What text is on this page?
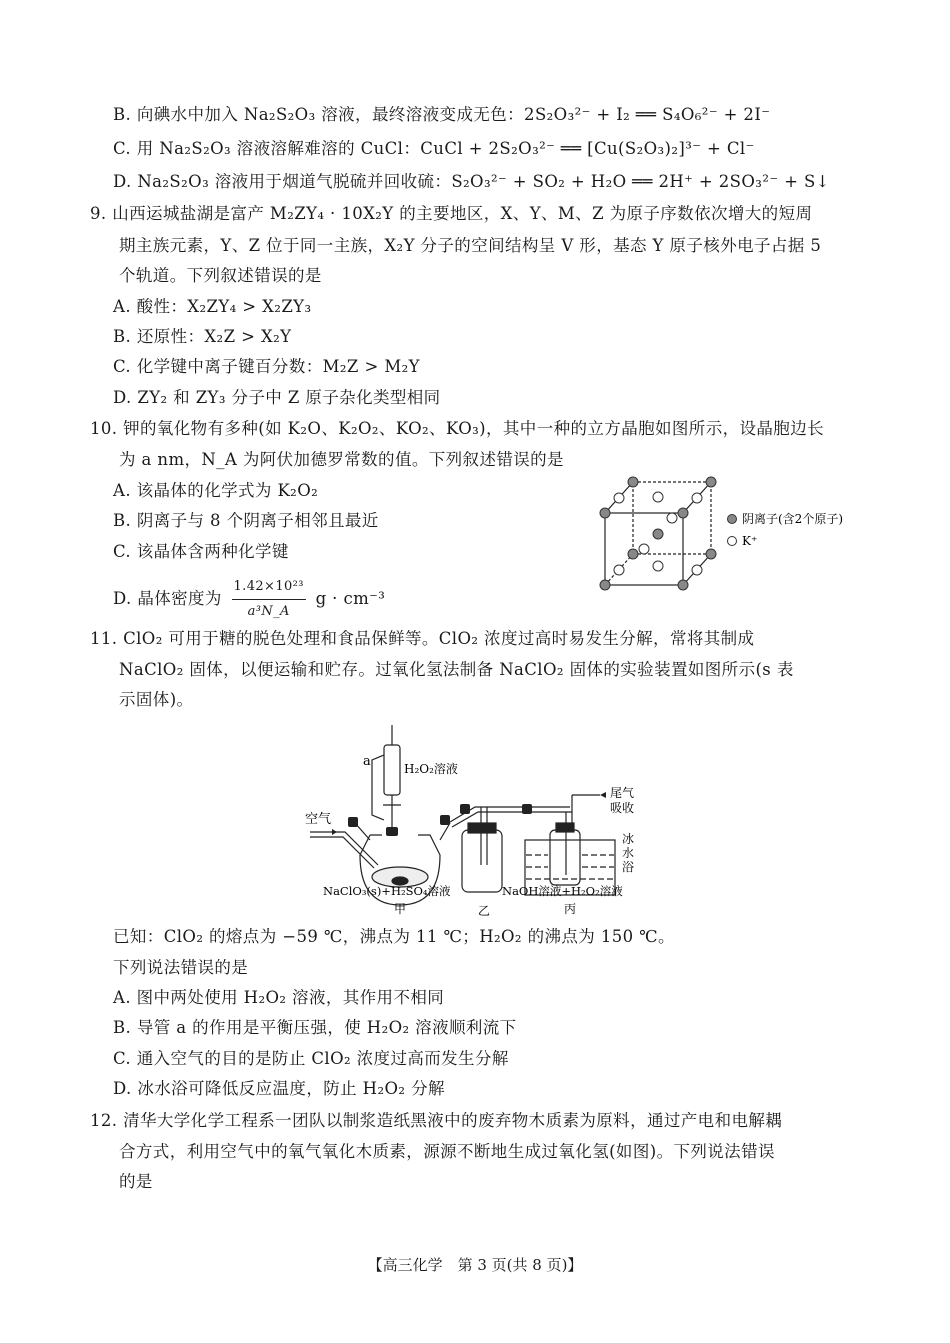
B. 向碘水中加入 Na₂S₂O₃ 溶液，最终溶液变成无色：2S₂O₃²⁻ + I₂ ══ S₄O₆²⁻ + 2I⁻
C. 用 Na₂S₂O₃ 溶液溶解难溶的 CuCl：CuCl + 2S₂O₃²⁻ ══ [Cu(S₂O₃)₂]³⁻ + Cl⁻
D. Na₂S₂O₃ 溶液用于烟道气脱硫并回收硫：S₂O₃²⁻ + SO₂ + H₂O ══ 2H⁺ + 2SO₃²⁻ + S↓
9. 山西运城盐湖是富产 M₂ZY₄ · 10X₂Y 的主要地区，X、Y、M、Z 为原子序数依次增大的短周
期主族元素，Y、Z 位于同一主族，X₂Y 分子的空间结构呈 V 形，基态 Y 原子核外电子占据 5
个轨道。下列叙述错误的是
A. 酸性：X₂ZY₄ > X₂ZY₃
B. 还原性：X₂Z > X₂Y
C. 化学键中离子键百分数：M₂Z > M₂Y
D. ZY₂ 和 ZY₃ 分子中 Z 原子杂化类型相同
10. 钾的氧化物有多种(如 K₂O、K₂O₂、KO₂、KO₃)，其中一种的立方晶胞如图所示，设晶胞边长
为 a nm，N_A 为阿伏加德罗常数的值。下列叙述错误的是
A. 该晶体的化学式为 K₂O₂
B. 阴离子与 8 个阴离子相邻且最近
C. 该晶体含两种化学键
D. 晶体密度为 $\frac{\text{1.42×10²³}}{\text{a³N\_A}}$ g · cm⁻³
阴离子(含2个原子)
K⁺
11. ClO₂ 可用于糖的脱色处理和食品保鲜等。ClO₂ 浓度过高时易发生分解，常将其制成
NaClO₂ 固体，以便运输和贮存。过氧化氢法制备 NaClO₂ 固体的实验装置如图所示(s 表
示固体)。
a	H₂O₂溶液
空气
尾气
吸收
冰
水
浴
NaClO₃(s)+H₂SO₄溶液	NaOH溶液+H₂O₂溶液
甲	乙	丙
已知：ClO₂ 的熔点为 −59 ℃，沸点为 11 ℃；H₂O₂ 的沸点为 150 ℃。
下列说法错误的是
A. 图中两处使用 H₂O₂ 溶液，其作用不相同
B. 导管 a 的作用是平衡压强，使 H₂O₂ 溶液顺利流下
C. 通入空气的目的是防止 ClO₂ 浓度过高而发生分解
D. 冰水浴可降低反应温度，防止 H₂O₂ 分解
12. 清华大学化学工程系一团队以制浆造纸黑液中的废弃物木质素为原料，通过产电和电解耦
合方式，利用空气中的氧气氧化木质素，源源不断地生成过氧化氢(如图)。下列说法错误
的是
【高三化学　第 3 页(共 8 页)】
